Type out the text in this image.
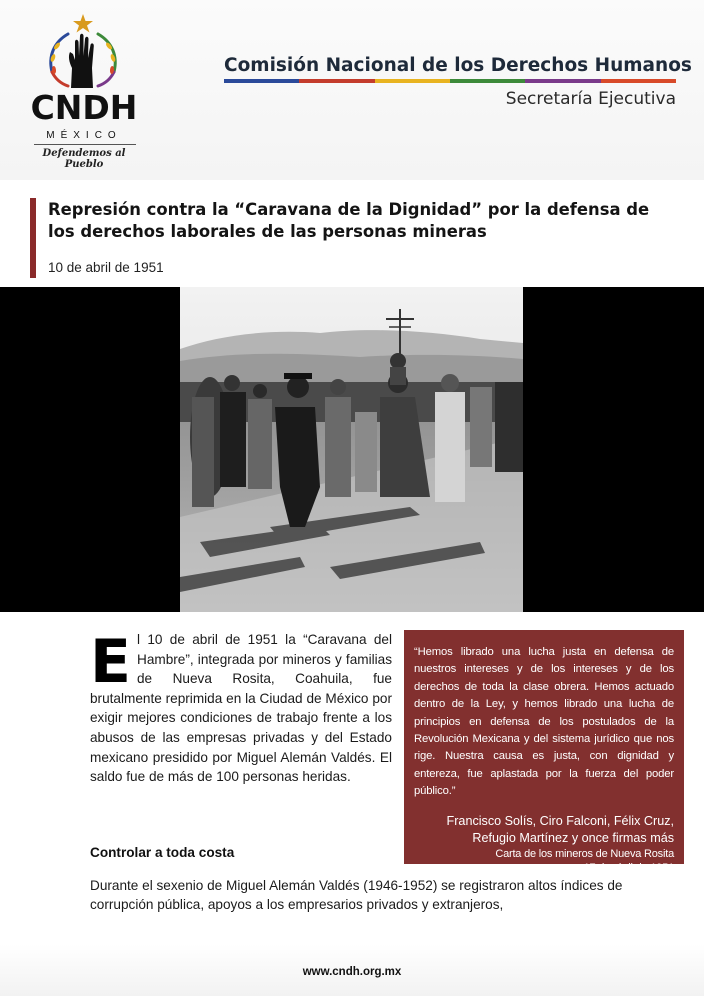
CNDH
MÉXICO
Defendemos al Pueblo
Comisión Nacional de los Derechos Humanos
Secretaría Ejecutiva
Represión contra la “Caravana de la Dignidad” por la defensa de los derechos laborales de las personas mineras
10 de abril de 1951
El 10 de abril de 1951 la “Caravana del Hambre”, integrada por mineros y familias de Nueva Rosita, Coahuila, fue brutalmente reprimida en la Ciudad de México por exigir mejores condiciones de trabajo frente a los abusos de las empresas privadas y del Estado mexicano presidido por Miguel Alemán Valdés. El saldo fue de más de 100 personas heridas.
“Hemos librado una lucha justa en defensa de nuestros intereses y de los intereses y de los derechos de toda la clase obrera. Hemos actuado dentro de la Ley, y hemos librado una lucha de principios en defensa de los postulados de la Revolución Mexicana y del sistema jurídico que nos rige. Nuestra causa es justa, con dignidad y entereza, fue aplastada por la fuerza del poder público.”
Francisco Solís, Ciro Falconi, Félix Cruz,
Refugio Martínez y once firmas más
Carta de los mineros de Nueva Rosita
17 de abril de 1951
Controlar a toda costa
Durante el sexenio de Miguel Alemán Valdés (1946-1952) se registraron altos índices de corrupción pública, apoyos a los empresarios privados y extranjeros,
www.cndh.org.mx
